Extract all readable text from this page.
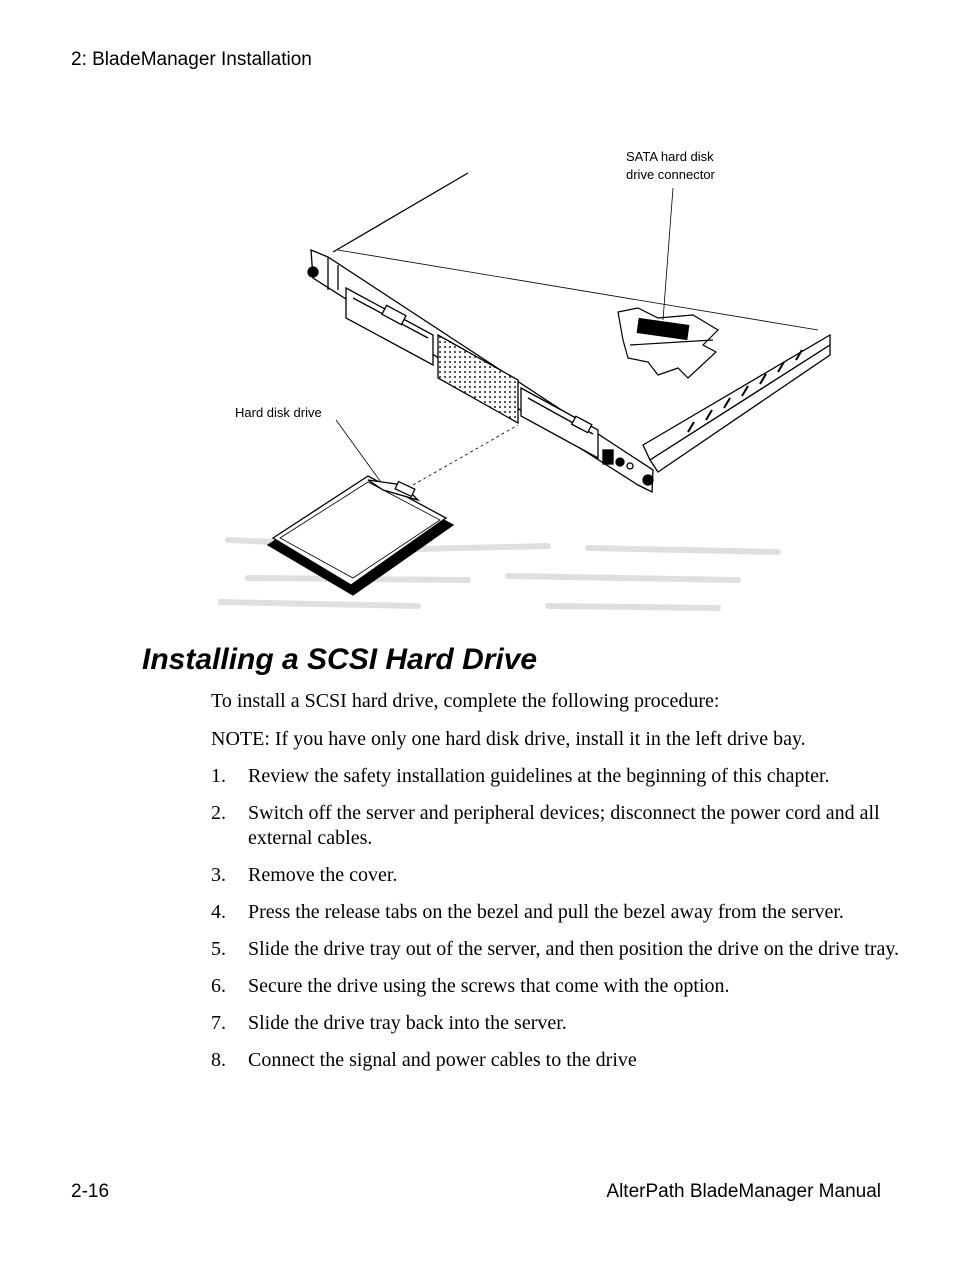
2: BladeManager Installation
SATA hard disk
drive connector
Hard disk drive
Installing a SCSI Hard Drive

To install a SCSI hard drive, complete the following procedure:

NOTE: If you have only one hard disk drive, install it in the left drive bay.

1. Review the safety installation guidelines at the beginning of this chapter.
2. Switch off the server and peripheral devices; disconnect the power cord and all external cables.
3. Remove the cover.
4. Press the release tabs on the bezel and pull the bezel away from the server.
5. Slide the drive tray out of the server, and then position the drive on the drive tray.
6. Secure the drive using the screws that come with the option.
7. Slide the drive tray back into the server.
8. Connect the signal and power cables to the drive
2-16	AlterPath BladeManager Manual
